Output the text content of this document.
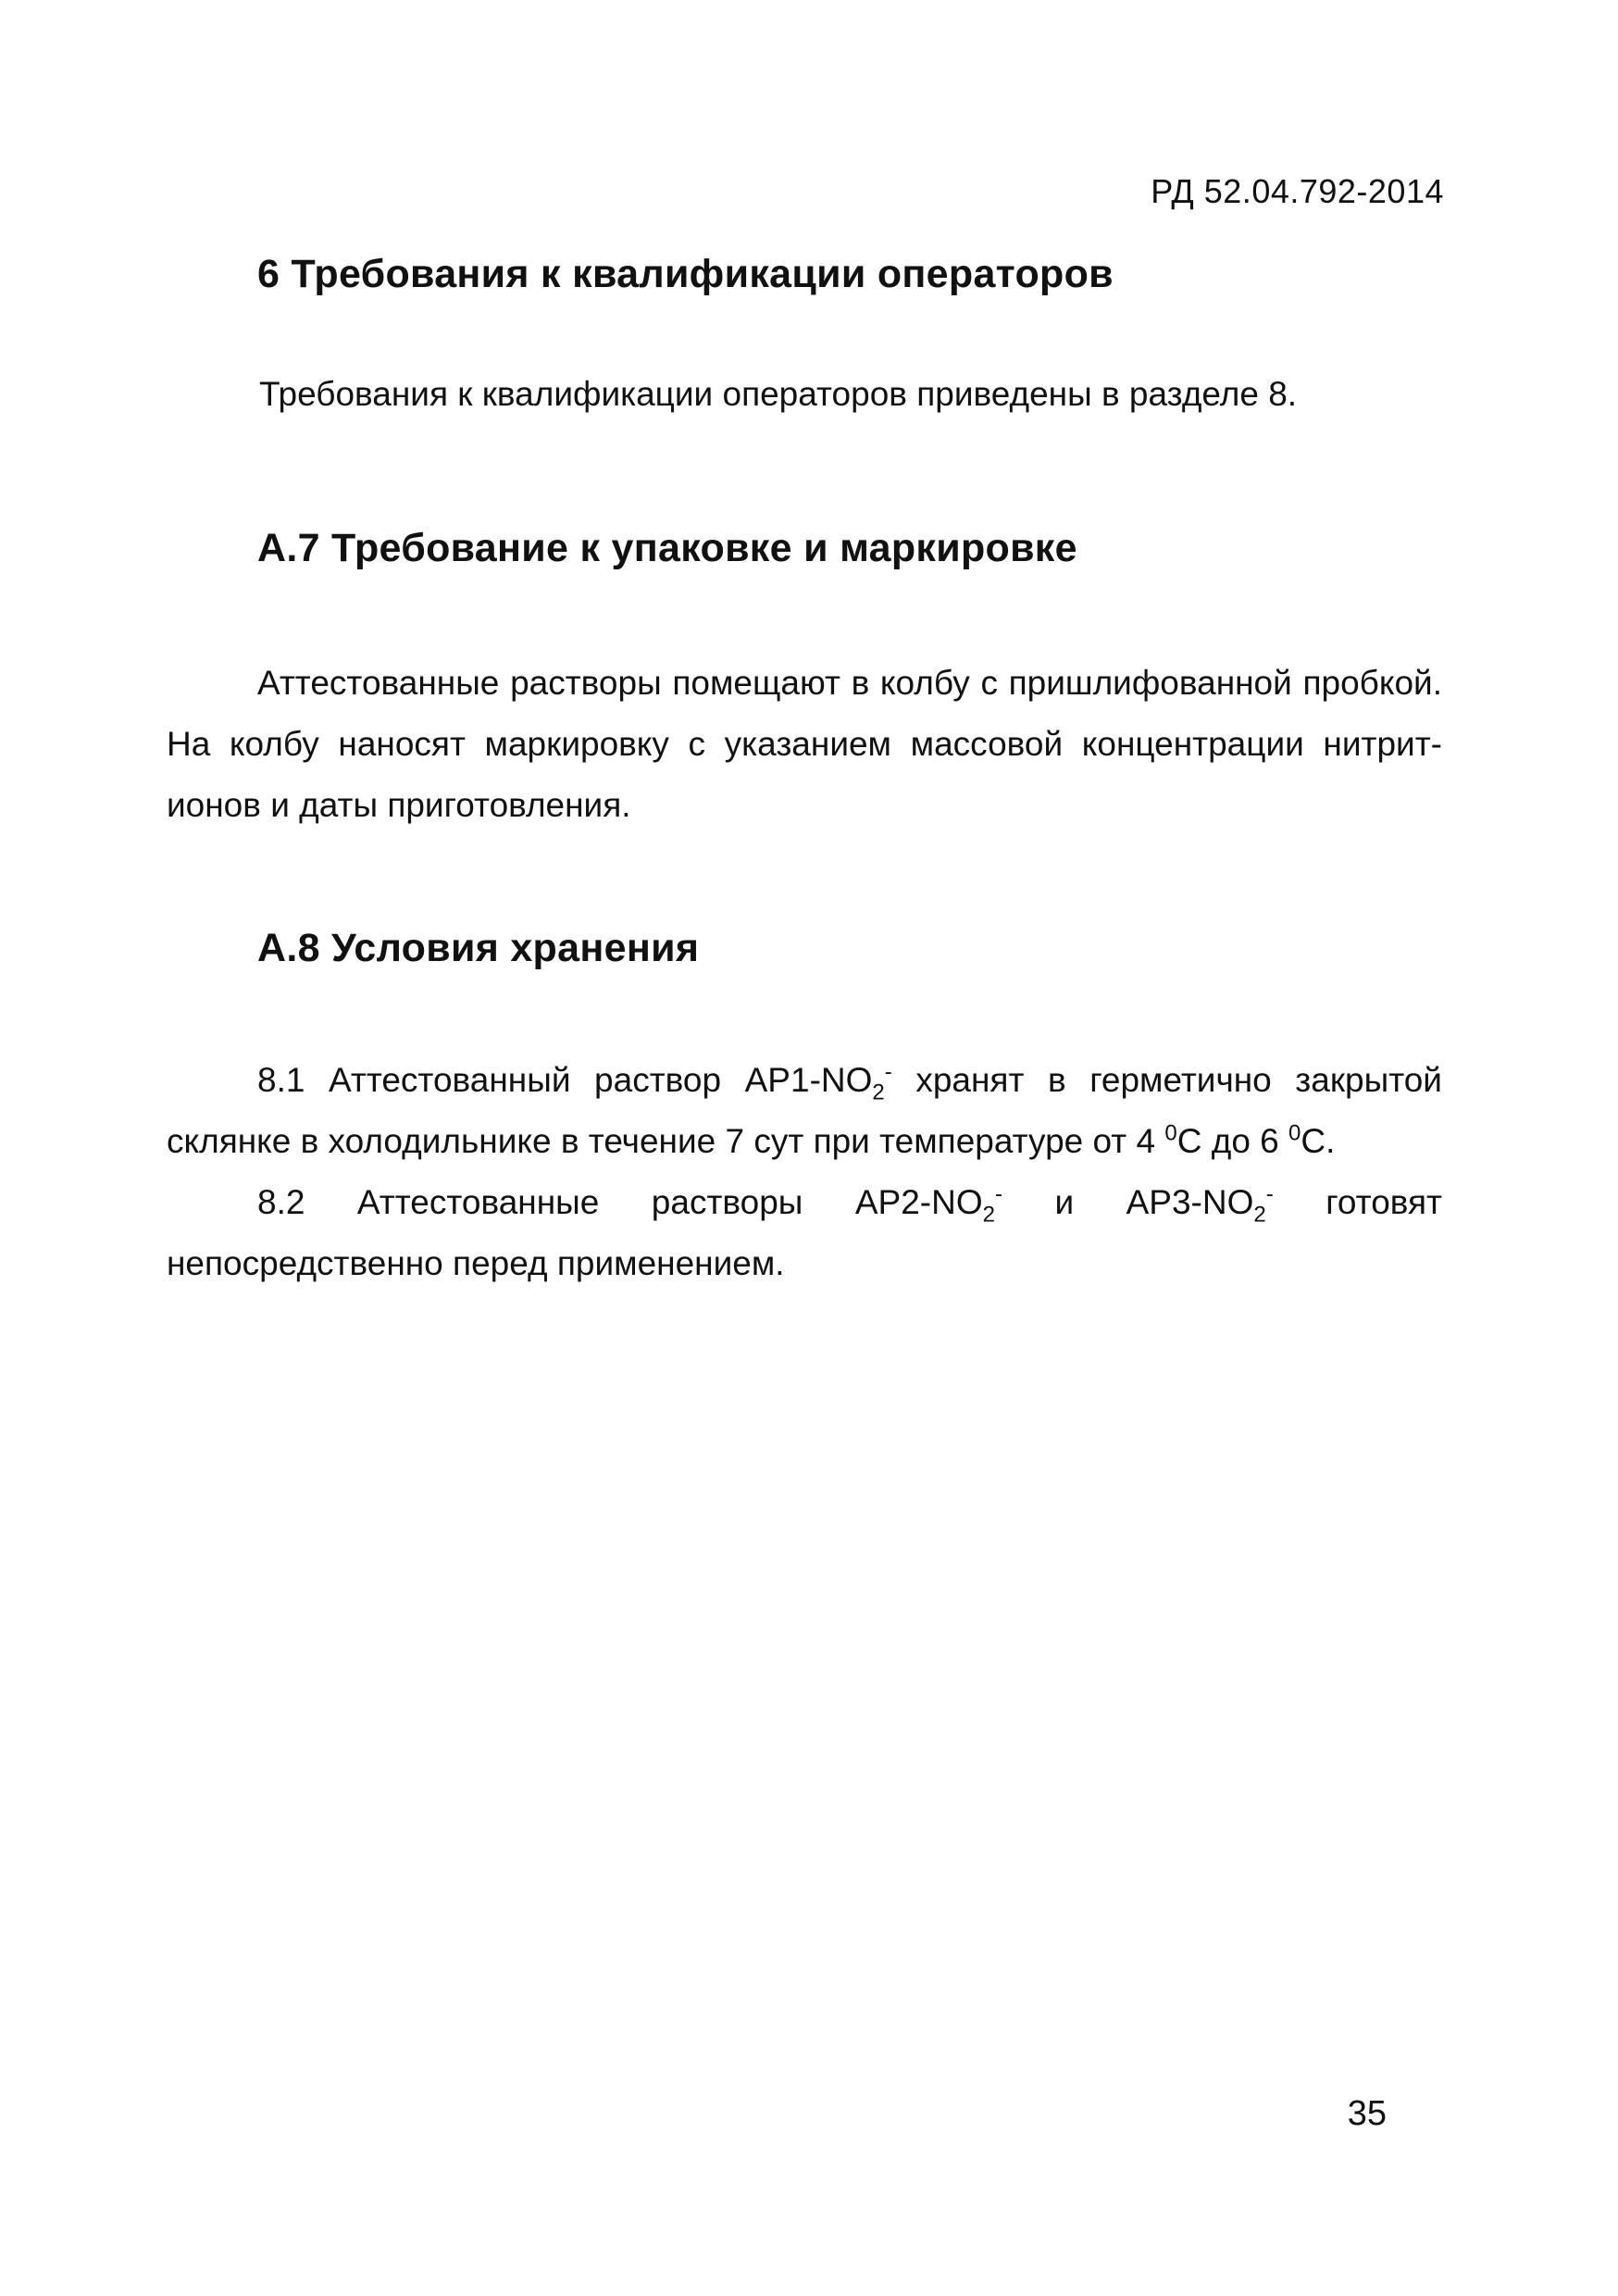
РД 52.04.792-2014
6 Требования к квалификации операторов
Требования к квалификации операторов приведены в разделе 8.
А.7 Требование к упаковке и маркировке
Аттестованные растворы помещают в колбу с пришлифованной пробкой. На колбу наносят маркировку с указанием массовой концентрации нитрит-ионов и даты приготовления.
А.8 Условия хранения
8.1 Аттестованный раствор $АР1-NO_2^-$ хранят в герметично закрытой склянке в холодильнике в течение 7 сут при температуре от 4 $^0$С до 6 $^0$С.
8.2 Аттестованные растворы $АР2-NO_2^-$ и $АР3-NO_2^-$ готовят непосредственно перед применением.
35
